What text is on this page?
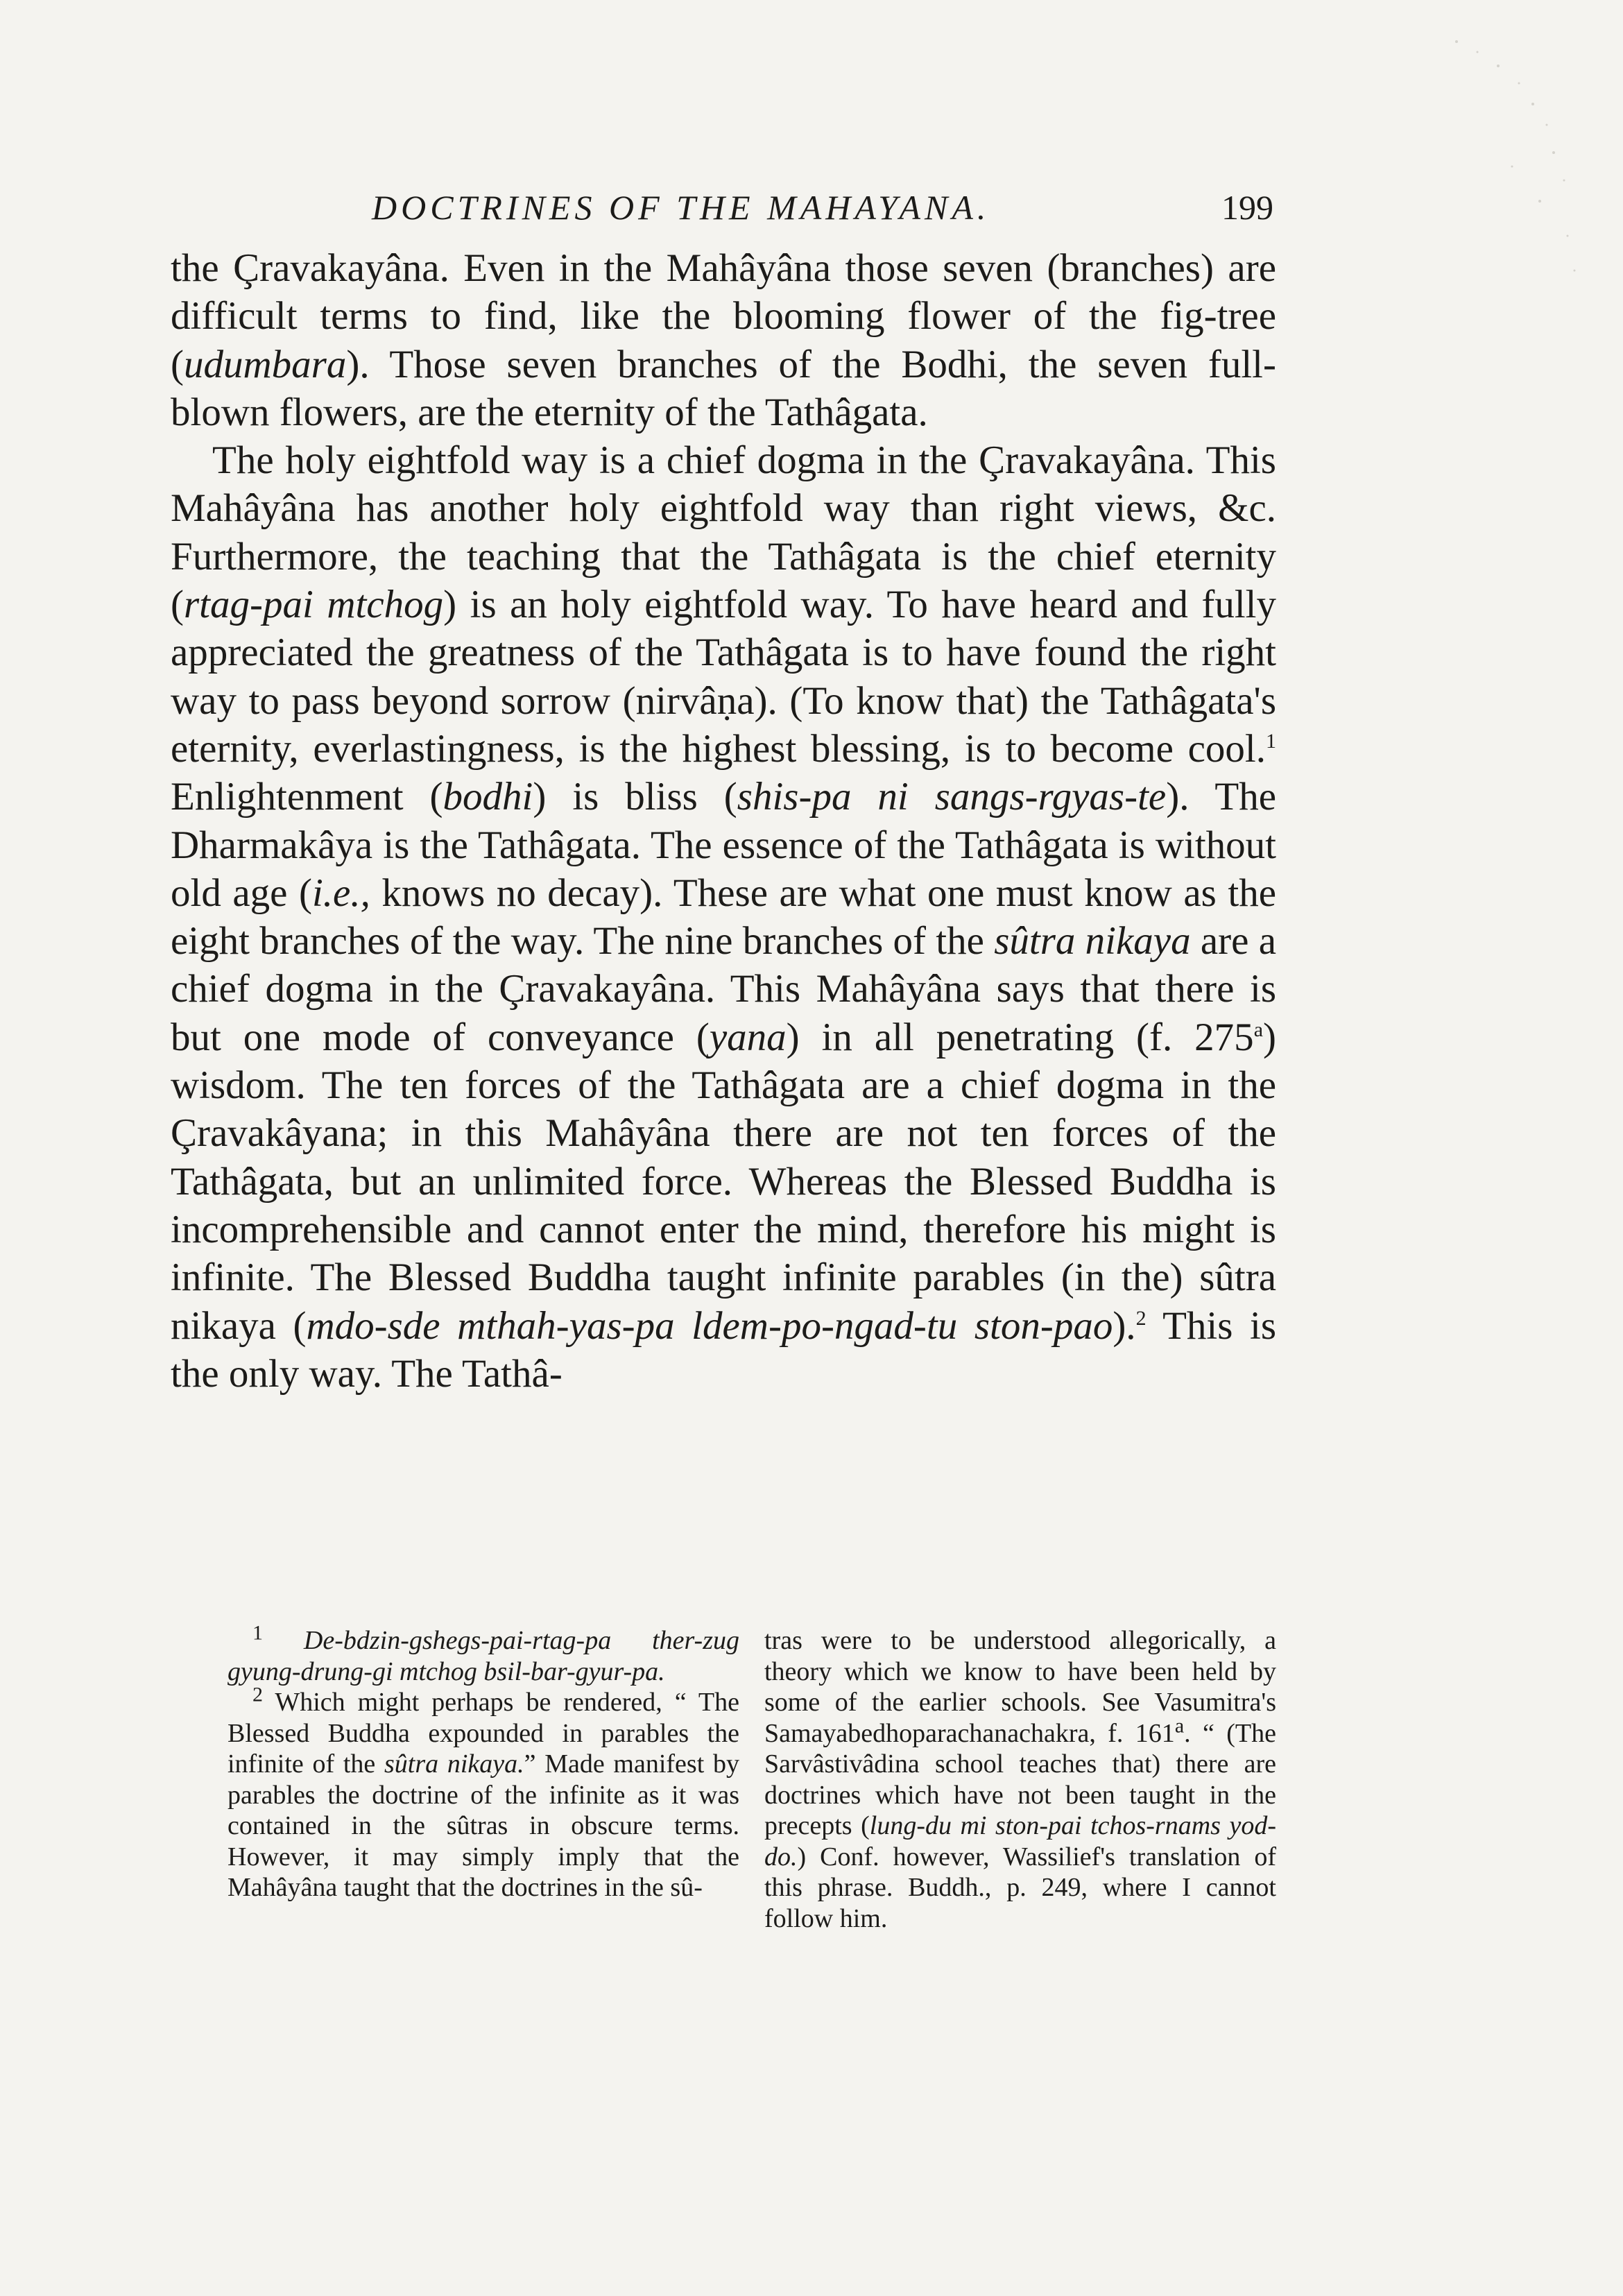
DOCTRINES OF THE MAHAYANA.	199

the Çravakayâna. Even in the Mahâyâna those seven (branches) are difficult terms to find, like the blooming flower of the fig-tree (udumbara). Those seven branches of the Bodhi, the seven full-blown flowers, are the eternity of the Tathâgata.

The holy eightfold way is a chief dogma in the Çravakayâna. This Mahâyâna has another holy eightfold way than right views, &c. Furthermore, the teaching that the Tathâgata is the chief eternity (rtag-pai mtchog) is an holy eightfold way. To have heard and fully appreciated the greatness of the Tathâgata is to have found the right way to pass beyond sorrow (nirvâṇa). (To know that) the Tathâgata's eternity, everlastingness, is the highest blessing, is to become cool.$^1$ Enlightenment (bodhi) is bliss (shis-pa ni sangs-rgyas-te). The Dharmakâya is the Tathâgata. The essence of the Tathâgata is without old age (i.e., knows no decay). These are what one must know as the eight branches of the way. The nine branches of the sûtra nikaya are a chief dogma in the Çravakayâna. This Mahâyâna says that there is but one mode of conveyance (yana) in all penetrating (f. 275$^a$) wisdom. The ten forces of the Tathâgata are a chief dogma in the Çravakâyana; in this Mahâyâna there are not ten forces of the Tathâgata, but an unlimited force. Whereas the Blessed Buddha is incomprehensible and cannot enter the mind, therefore his might is infinite. The Blessed Buddha taught infinite parables (in the) sûtra nikaya (mdo-sde mthah-yas-pa ldem-po-ngad-tu ston-pao).$^2$ This is the only way. The Tathâ-

$^1$ De-bdzin-gshegs-pai-rtag-pa ther-zug gyung-drung-gi mtchog bsil-bar-gyur-pa.

$^2$ Which might perhaps be rendered, “ The Blessed Buddha expounded in parables the infinite of the sûtra nikaya.” Made manifest by parables the doctrine of the infinite as it was contained in the sûtras in obscure terms. However, it may simply imply that the Mahâyâna taught that the doctrines in the sû-

tras were to be understood allegorically, a theory which we know to have been held by some of the earlier schools. See Vasumitra's Samayabedhoparachanachakra, f. 161$^a$. “ (The Sarvâstivâdina school teaches that) there are doctrines which have not been taught in the precepts (lung-du mi ston-pai tchos-rnams yod-do.) Conf. however, Wassilief's translation of this phrase. Buddh., p. 249, where I cannot follow him.
